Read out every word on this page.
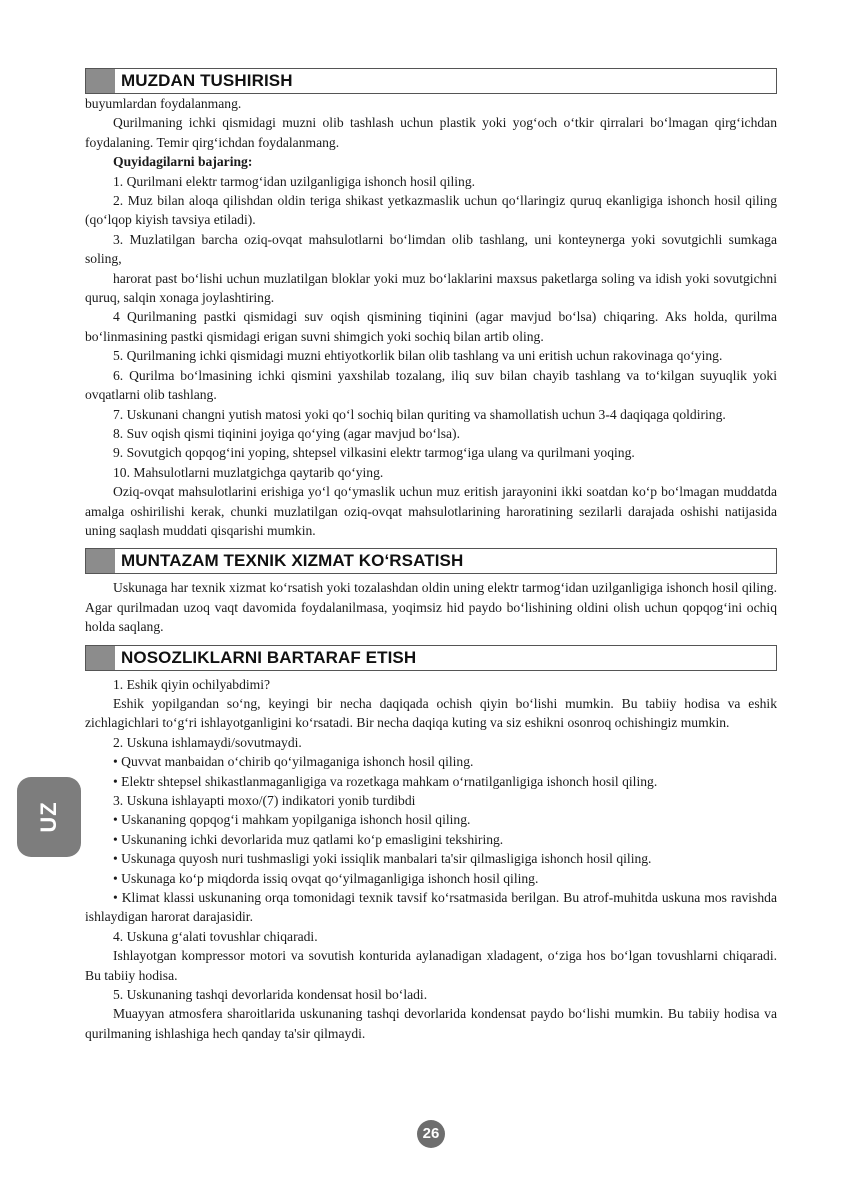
MUZDAN TUSHIRISH

buyumlardan foydalanmang.

Qurilmaning ichki qismidagi muzni olib tashlash uchun plastik yoki yog‘och o‘tkir qirralari bo‘lmagan qirg‘ichdan foydalaning. Temir qirg‘ichdan foydalanmang.

Quyidagilarni bajaring:

1. Qurilmani elektr tarmog‘idan uzilganligiga ishonch hosil qiling.

2. Muz bilan aloqa qilishdan oldin teriga shikast yetkazmaslik uchun qo‘llaringiz quruq ekanligiga ishonch hosil qiling (qo‘lqop kiyish tavsiya etiladi).

3. Muzlatilgan barcha oziq-ovqat mahsulotlarni bo‘limdan olib tashlang, uni konteynerga yoki sovutgichli sumkaga soling,

harorat past bo‘lishi uchun muzlatilgan bloklar yoki muz bo‘laklarini maxsus paketlarga soling va idish yoki sovutgichni quruq, salqin xonaga joylashtiring.

4 Qurilmaning pastki qismidagi suv oqish qismining tiqinini (agar mavjud bo‘lsa) chiqaring. Aks holda, qurilma bo‘linmasining pastki qismidagi erigan suvni shimgich yoki sochiq bilan artib oling.

5. Qurilmaning ichki qismidagi muzni ehtiyotkorlik bilan olib tashlang va uni eritish uchun rakovinaga qo‘ying.

6. Qurilma bo‘lmasining ichki qismini yaxshilab tozalang, iliq suv bilan chayib tashlang va to‘kilgan suyuqlik yoki ovqatlarni olib tashlang.

7. Uskunani changni yutish matosi yoki qo‘l sochiq bilan quriting va shamollatish uchun 3-4 daqiqaga qoldiring.

8. Suv oqish qismi tiqinini joyiga qo‘ying (agar mavjud bo‘lsa).

9. Sovutgich qopqog‘ini yoping, shtepsel vilkasini elektr tarmog‘iga ulang va qurilmani yoqing.

10. Mahsulotlarni muzlatgichga qaytarib qo‘ying.

Oziq-ovqat mahsulotlarini erishiga yo‘l qo‘ymaslik uchun muz eritish jarayonini ikki soatdan ko‘p bo‘lmagan muddatda amalga oshirilishi kerak, chunki muzlatilgan oziq-ovqat mahsulotlarining haroratining sezilarli darajada oshishi natijasida uning saqlash muddati qisqarishi mumkin.

MUNTAZAM TEXNIK XIZMAT KO‘RSATISH

Uskunaga har texnik xizmat ko‘rsatish yoki tozalashdan oldin uning elektr tarmog‘idan uzilganligiga ishonch hosil qiling. Agar qurilmadan uzoq vaqt davomida foydalanilmasa, yoqimsiz hid paydo bo‘lishining oldini olish uchun qopqog‘ini ochiq holda saqlang.

NOSOZLIKLARNI BARTARAF ETISH

1. Eshik qiyin ochilyabdimi?

Eshik yopilgandan so‘ng, keyingi bir necha daqiqada ochish qiyin bo‘lishi mumkin. Bu tabiiy hodisa va eshik zichlagichlari to‘g‘ri ishlayotganligini ko‘rsatadi. Bir necha daqiqa kuting va siz eshikni osonroq ochishingiz mumkin.

2. Uskuna ishlamaydi/sovutmaydi.

• Quvvat manbaidan o‘chirib qo‘yilmaganiga ishonch hosil qiling.

• Elektr shtepsel shikastlanmaganligiga va rozetkaga mahkam o‘rnatilganligiga ishonch hosil qiling.

3. Uskuna ishlayapti moxo/(7) indikatori yonib turdibdi

• Uskananing qopqog‘i mahkam yopilganiga ishonch hosil qiling.

• Uskunaning ichki devorlarida muz qatlami ko‘p emasligini tekshiring.

• Uskunaga quyosh nuri tushmasligi yoki issiqlik manbalari ta'sir qilmasligiga ishonch hosil qiling.

• Uskunaga ko‘p miqdorda issiq ovqat qo‘yilmaganligiga ishonch hosil qiling.

• Klimat klassi uskunaning orqa tomonidagi texnik tavsif ko‘rsatmasida berilgan. Bu atrof-muhitda uskuna mos ravishda ishlaydigan harorat darajasidir.

4. Uskuna g‘alati tovushlar chiqaradi.

Ishlayotgan kompressor motori va sovutish konturida aylanadigan xladagent, o‘ziga hos bo‘lgan tovushlarni chiqaradi. Bu tabiiy hodisa.

5. Uskunaning tashqi devorlarida kondensat hosil bo‘ladi.

Muayyan atmosfera sharoitlarida uskunaning tashqi devorlarida kondensat paydo bo‘lishi mumkin. Bu tabiiy hodisa va qurilmaning ishlashiga hech qanday ta'sir qilmaydi.

UZ
26
